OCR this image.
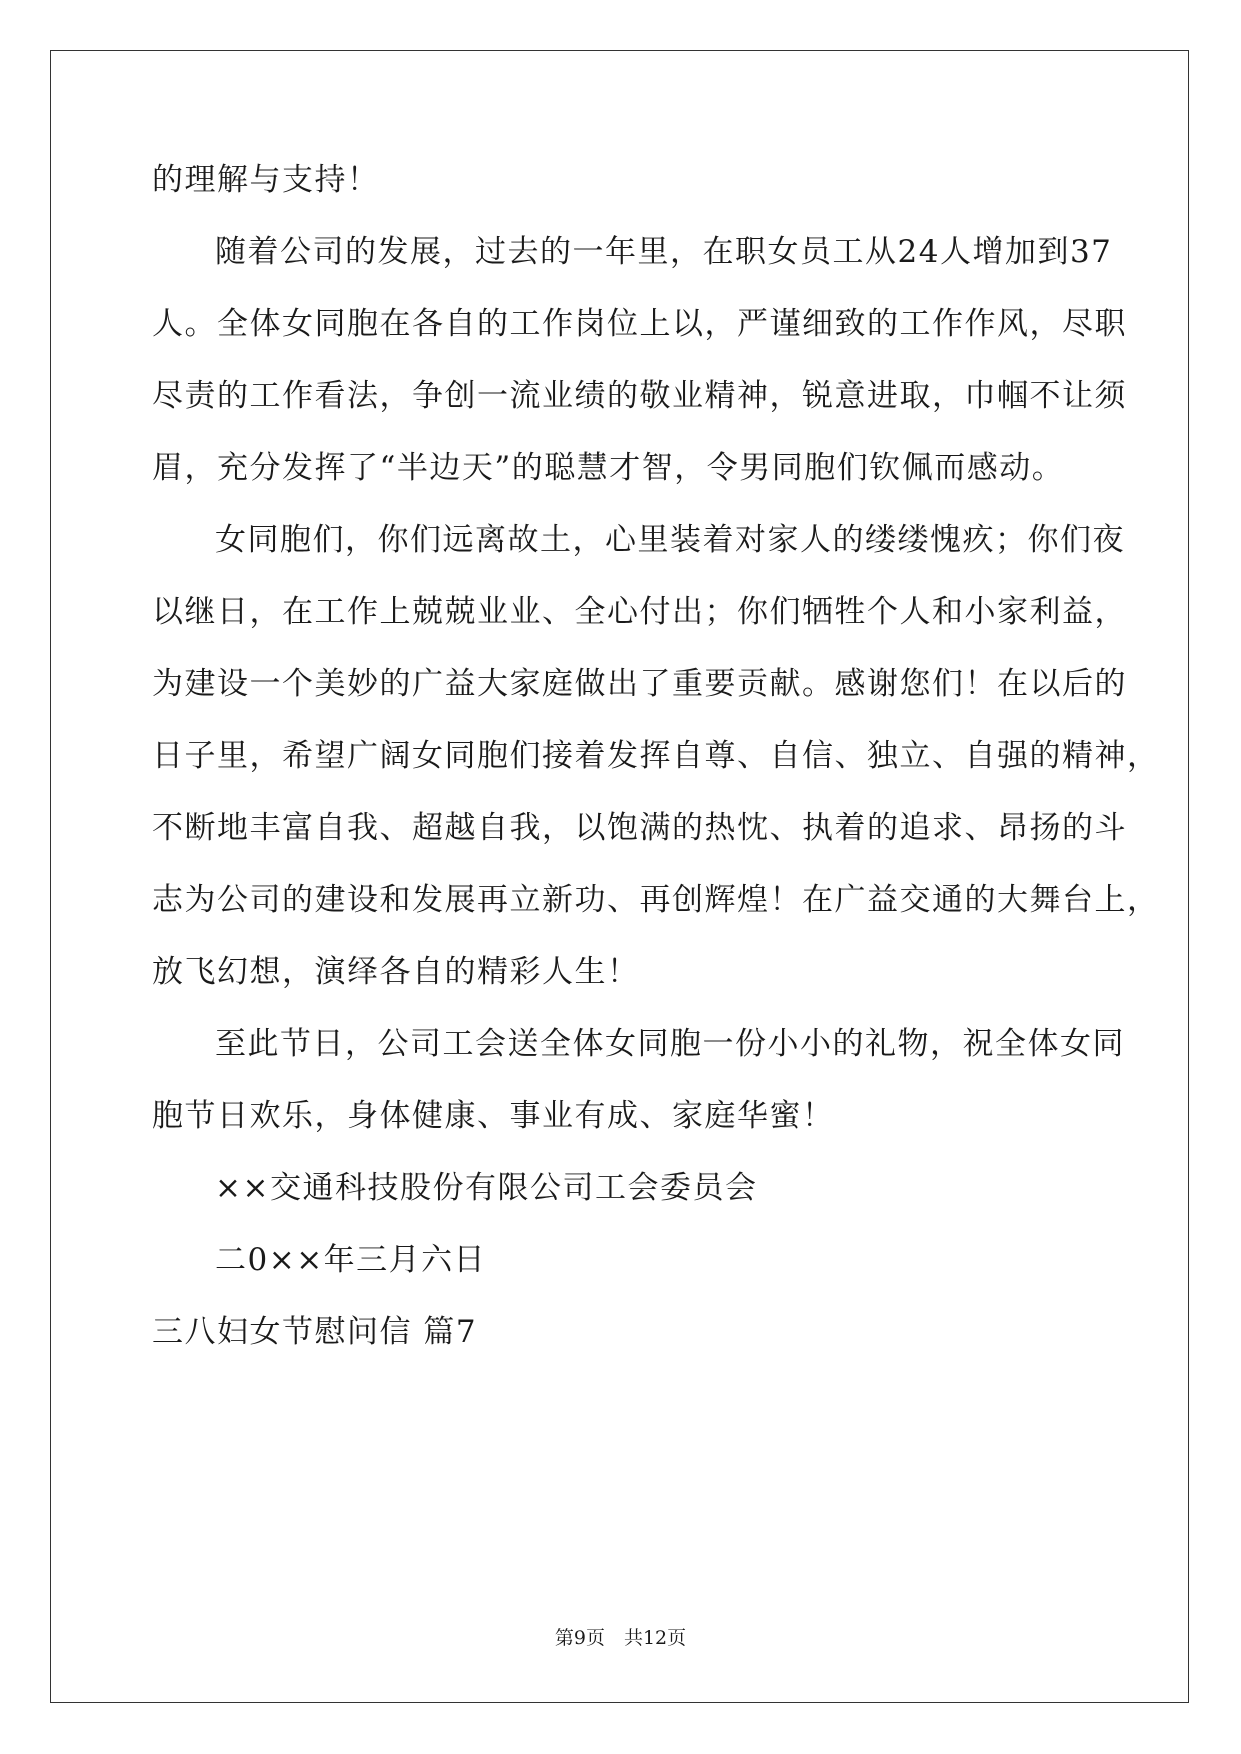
的理解与支持！
随着公司的发展，过去的一年里，在职女员工从24人增加到37
人。全体女同胞在各自的工作岗位上以，严谨细致的工作作风，尽职
尽责的工作看法，争创一流业绩的敬业精神，锐意进取，巾帼不让须
眉，充分发挥了“半边天”的聪慧才智，令男同胞们钦佩而感动。
女同胞们，你们远离故土，心里装着对家人的缕缕愧疚；你们夜
以继日，在工作上兢兢业业、全心付出；你们牺牲个人和小家利益，
为建设一个美妙的广益大家庭做出了重要贡献。感谢您们！在以后的
日子里，希望广阔女同胞们接着发挥自尊、自信、独立、自强的精神，
不断地丰富自我、超越自我，以饱满的热忱、执着的追求、昂扬的斗
志为公司的建设和发展再立新功、再创辉煌！在广益交通的大舞台上，
放飞幻想，演绎各自的精彩人生！
至此节日，公司工会送全体女同胞一份小小的礼物，祝全体女同
胞节日欢乐，身体健康、事业有成、家庭华蜜！
××交通科技股份有限公司工会委员会
二0××年三月六日
三八妇女节慰问信 篇7
第9页　共12页
